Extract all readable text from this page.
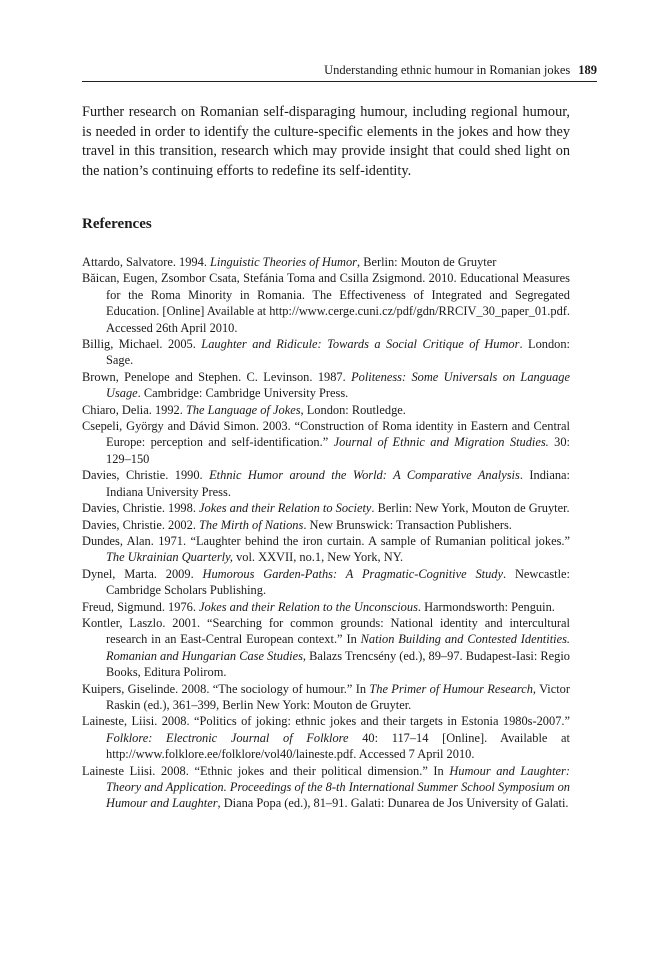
Understanding ethnic humour in Romanian jokes 189

Further research on Romanian self-disparaging humour, including regional humour, is needed in order to identify the culture-specific elements in the jokes and how they travel in this transition, research which may provide insight that could shed light on the nation’s continuing efforts to redefine its self-identity.

References
Attardo, Salvatore. 1994. Linguistic Theories of Humor, Berlin: Mouton de Gruyter
Băican, Eugen, Zsombor Csata, Stefánia Toma and Csilla Zsigmond. 2010. Educational Measures for the Roma Minority in Romania. The Effectiveness of Integrated and Segregated Education. [Online] Available at http://www.cerge.cuni.cz/pdf/gdn/RRCIV_30_paper_01.pdf. Accessed 26th April 2010.
Billig, Michael. 2005. Laughter and Ridicule: Towards a Social Critique of Humor. London: Sage.
Brown, Penelope and Stephen. C. Levinson. 1987. Politeness: Some Universals on Language Usage. Cambridge: Cambridge University Press.
Chiaro, Delia. 1992. The Language of Jokes, London: Routledge.
Csepeli, György and Dávid Simon. 2003. “Construction of Roma identity in Eastern and Central Europe: perception and self-identification.” Journal of Ethnic and Migration Studies. 30: 129–150
Davies, Christie. 1990. Ethnic Humor around the World: A Comparative Analysis. Indiana: Indiana University Press.
Davies, Christie. 1998. Jokes and their Relation to Society. Berlin: New York, Mouton de Gruyter.
Davies, Christie. 2002. The Mirth of Nations. New Brunswick: Transaction Publishers.
Dundes, Alan. 1971. “Laughter behind the iron curtain. A sample of Rumanian political jokes.” The Ukrainian Quarterly, vol. XXVII, no.1, New York, NY.
Dynel, Marta. 2009. Humorous Garden-Paths: A Pragmatic-Cognitive Study. Newcastle: Cambridge Scholars Publishing.
Freud, Sigmund. 1976. Jokes and their Relation to the Unconscious. Harmondsworth: Penguin.
Kontler, Laszlo. 2001. “Searching for common grounds: National identity and intercultural research in an East-Central European context.” In Nation Building and Contested Identities. Romanian and Hungarian Case Studies, Balazs Trencsény (ed.), 89–97. Budapest-Iasi: Regio Books, Editura Polirom.
Kuipers, Giselinde. 2008. “The sociology of humour.” In The Primer of Humour Research, Victor Raskin (ed.), 361–399, Berlin New York: Mouton de Gruyter.
Laineste, Liisi. 2008. “Politics of joking: ethnic jokes and their targets in Estonia 1980s-2007.” Folklore: Electronic Journal of Folklore 40: 117–14 [Online]. Available at http://www.folklore.ee/folklore/vol40/laineste.pdf. Accessed 7 April 2010.
Laineste Liisi. 2008. “Ethnic jokes and their political dimension.” In Humour and Laughter: Theory and Application. Proceedings of the 8-th International Summer School Symposium on Humour and Laughter, Diana Popa (ed.), 81–91. Galati: Dunarea de Jos University of Galati.
